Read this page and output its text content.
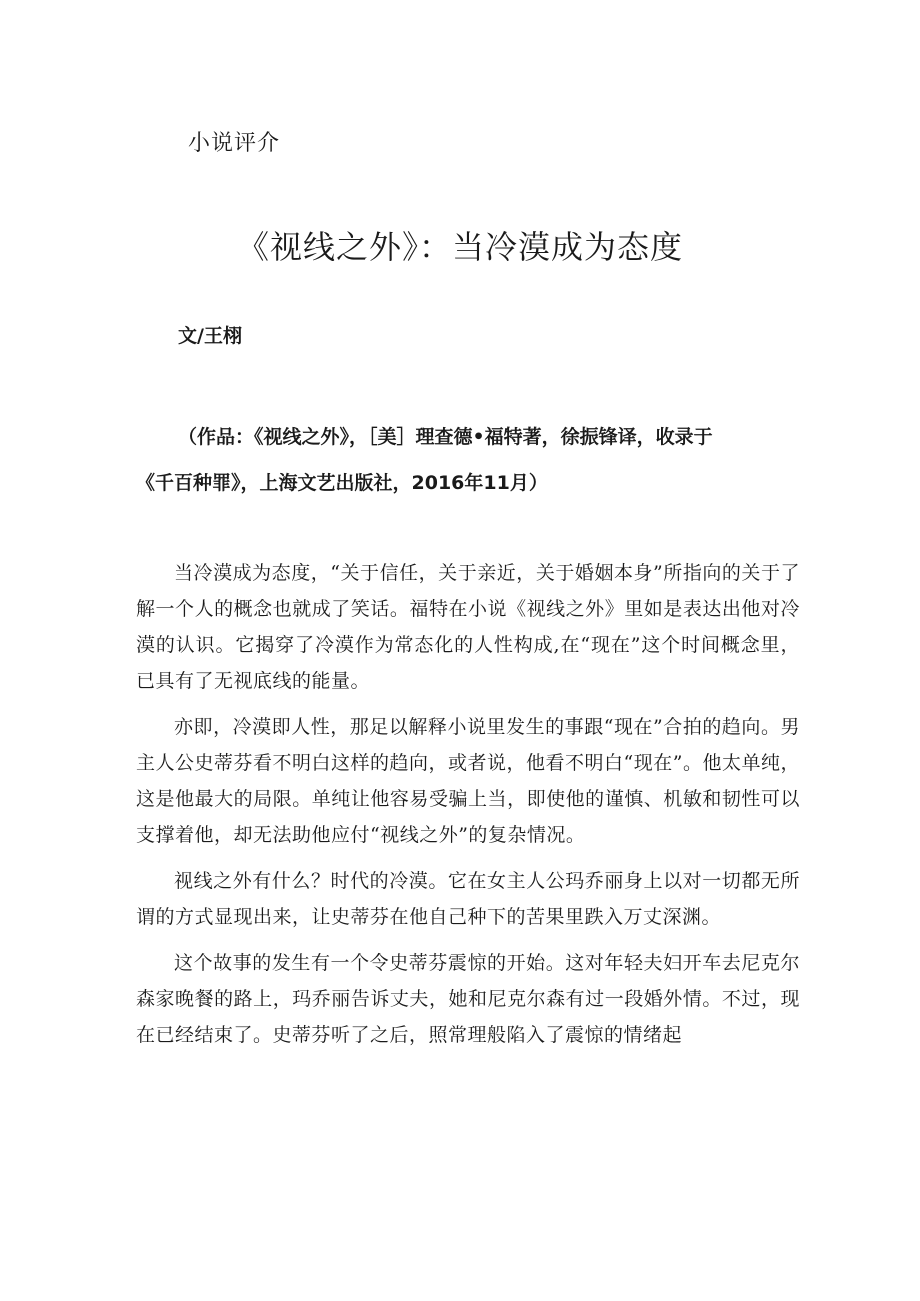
小说评介
《视线之外》：当冷漠成为态度
文/王栩
（作品：《视线之外》，［美］理查德•福特著，徐振锋译，收录于
《千百种罪》，上海文艺出版社，2016年11月）

当冷漠成为态度，“关于信任，关于亲近，关于婚姻本身”所指向的关于了解一个人的概念也就成了笑话。福特在小说《视线之外》里如是表达出他对冷漠的认识。它揭穿了冷漠作为常态化的人性构成,在“现在”这个时间概念里，已具有了无视底线的能量。

亦即，冷漠即人性，那足以解释小说里发生的事跟“现在”合拍的趋向。男主人公史蒂芬看不明白这样的趋向，或者说，他看不明白“现在”。他太单纯，这是他最大的局限。单纯让他容易受骗上当，即使他的谨慎、机敏和韧性可以支撑着他，却无法助他应付“视线之外”的复杂情况。

视线之外有什么？时代的冷漠。它在女主人公玛乔丽身上以对一切都无所谓的方式显现出来，让史蒂芬在他自己种下的苦果里跌入万丈深渊。

这个故事的发生有一个令史蒂芬震惊的开始。这对年轻夫妇开车去尼克尔森家晚餐的路上，玛乔丽告诉丈夫，她和尼克尔森有过一段婚外情。不过，现在已经结束了。史蒂芬听了之后，照常理般陷入了震惊的情绪起
